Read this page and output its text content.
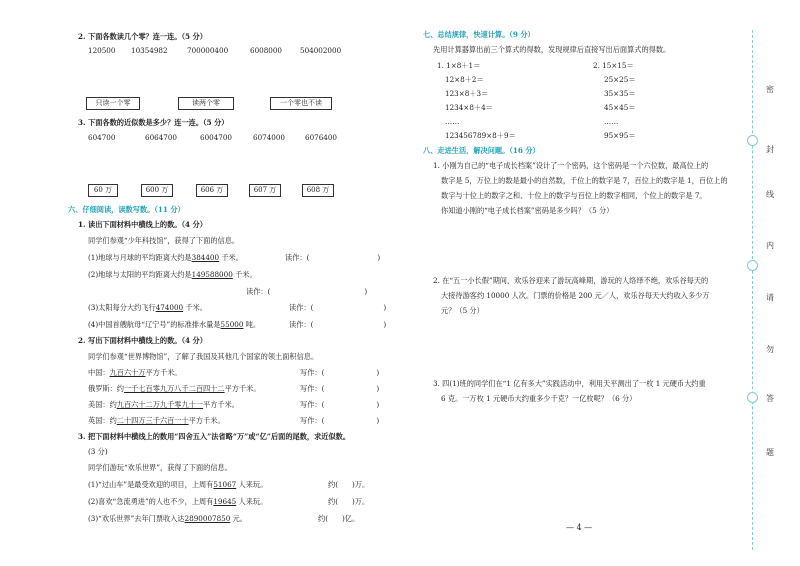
2. 下面各数读几个零？连一连。（5 分）
120500 10354982	700000400	6008000 504002000
只读一个零	读两个零	一个零也不读
3. 下面各数的近似数是多少？连一连。（5 分）
604700	6064700	6004700	6074000	6076400
60 万	600 万	606 万	607 万	608 万
六、仔细阅读，读数写数。（11 分）
1. 读出下面材料中横线上的数。（4 分）
同学们参观“少年科技馆”，获得了下面的信息。
(1)地球与月球的平均距离大约是384400 千米。	读作：(	)
(2)地球与太阳的平均距离大约是149588000 千米。
读作：(	)
(3)太阳每分大约飞行474000 千米。	读作：(	)
(4)中国首艘航母“辽宁号”的标准排水量是55000 吨。	读作：(	)
2. 写出下面材料中横线上的数。（4 分）
同学们参观“世界博物馆”，了解了我国及其他几个国家的领土面积信息。
中国：九百六十万平方千米。	写作：(	)
俄罗斯：约一千七百零九万八千二百四十二平方千米。	写作：(	)
美国：约九百六十二万九千零九十一平方千米。	写作：(	)
英国：约二十四万三千六百一十平方千米。	写作：(	)
3. 把下面材料中横线上的数用“四舍五入”法省略“万”或“亿”后面的尾数，求近似数。
(3 分)
同学们游玩“欢乐世界”，获得了下面的信息。
(1)“过山车”是最受欢迎的项目，上周有51067 人来玩。	约( )万。
(2)喜欢“急流勇进”的人也不少，上周有19645 人来玩。	约( )万。
(3)“欢乐世界”去年门票收入达2890007850 元。	约( )亿。
七、总结规律，快速计算。（9 分）
先用计算器算出前三个算式的得数，发现规律后直接写出后面算式的得数。
1. 1×8＋1＝
12×8＋2＝
123×8＋3＝
1234×8＋4＝
……
123456789×8＋9＝
2. 15×15＝
25×25＝
35×35＝
45×45＝
……
95×95＝
八、走进生活，解决问题。（16 分）
1. 小刚为自己的“电子成长档案”设计了一个密码，这个密码是一个六位数，最高位上的
数字是 5，万位上的数是最小的自然数，千位上的数字是 7，百位上的数字是 1，百位上的
数字与十位上的数字之和、十位上的数字与百位上的数字相同，个位上的数字是 7。
你知道小刚的“电子成长档案”密码是多少吗？（5 分）
2. 在“五一小长假”期间，欢乐谷迎来了游玩高峰期，游玩的人络绎不绝，欢乐谷每天的
大接待游客约 10000 人次。门票的价格是 200 元／人，欢乐谷每天大约收入多少万
元？（5 分）
3. 四(1)班的同学们在“1 亿有多大”实践活动中，利用天平测出了一枚 1 元硬币大约重
6 克。一万枚 1 元硬币大约重多少千克？一亿枚呢？（6 分）
— 4 —
密
封
线
内
请
勿
答
题
